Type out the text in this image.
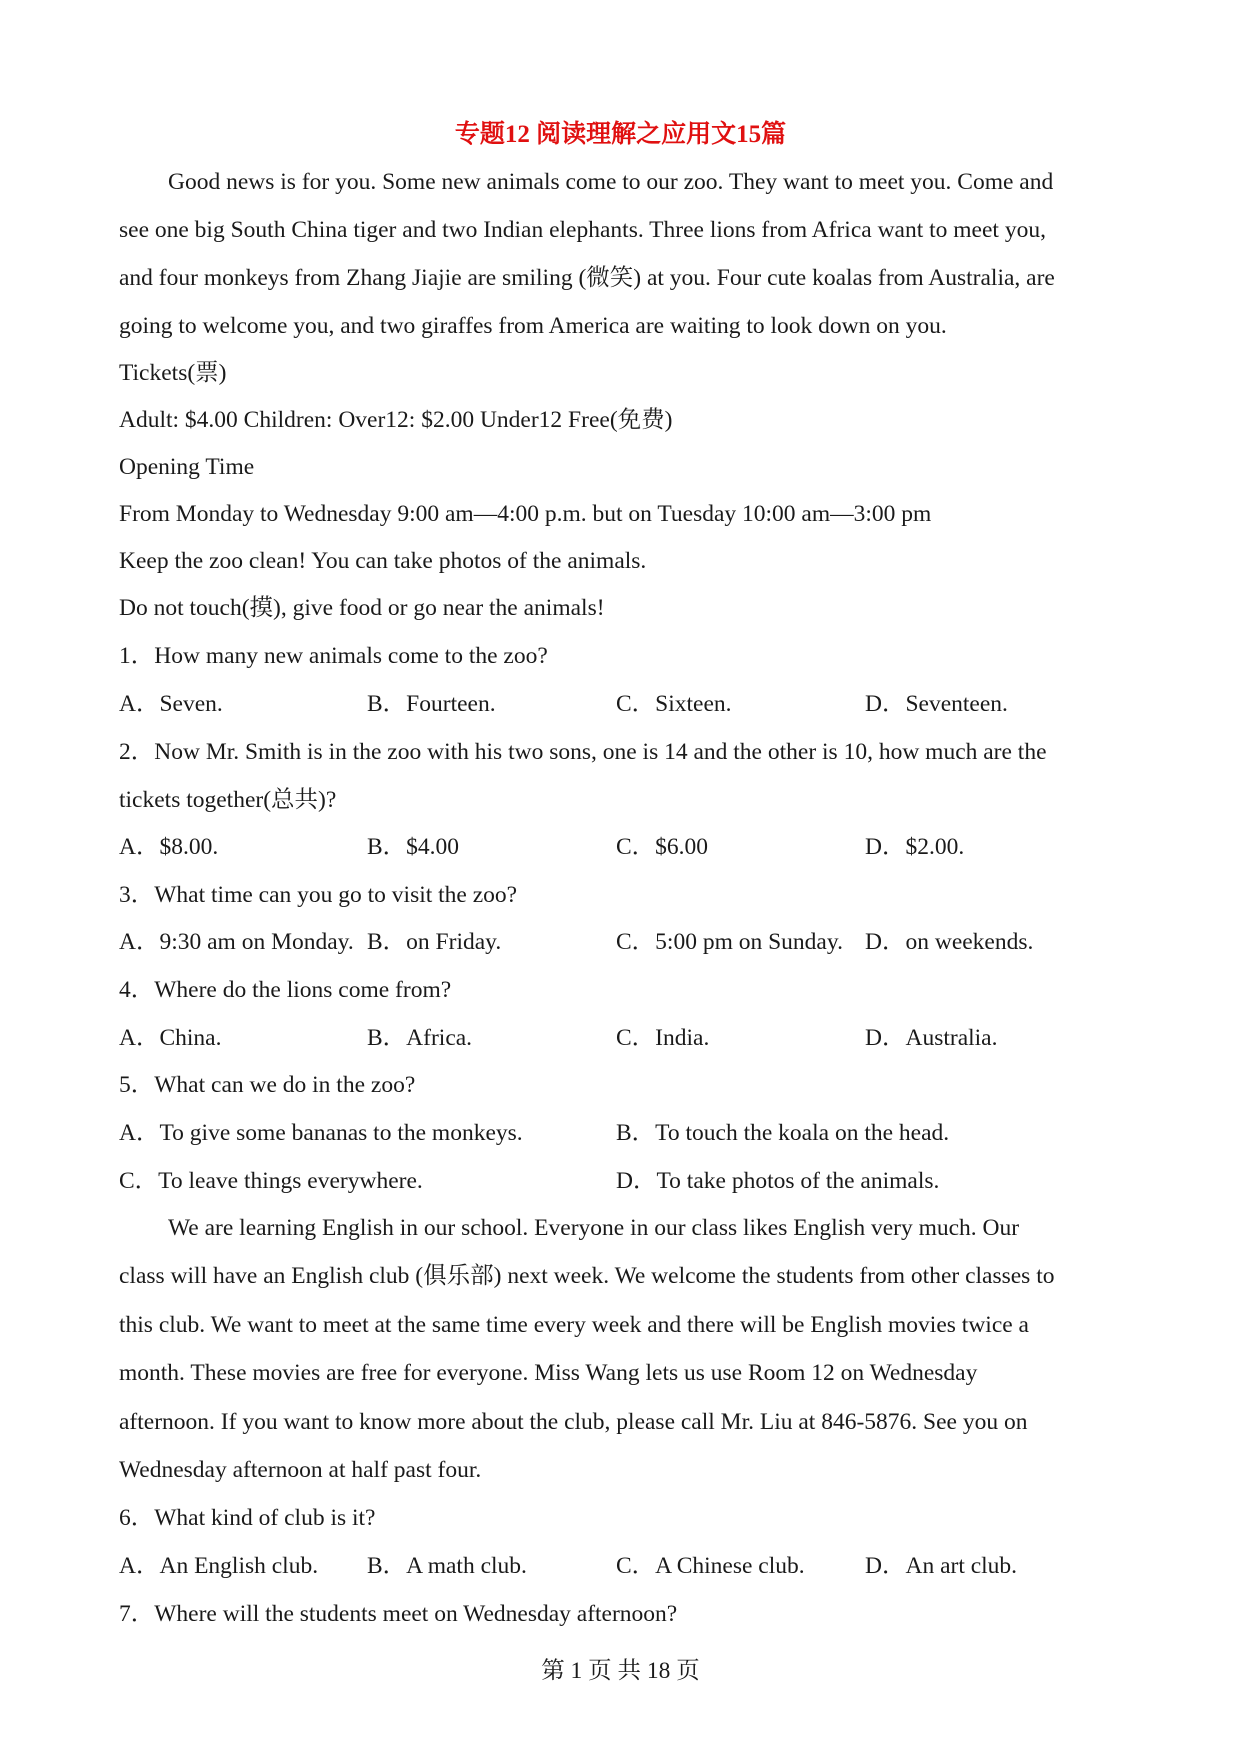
专题12 阅读理解之应用文15篇
Good news is for you. Some new animals come to our zoo. They want to meet you. Come and
see one big South China tiger and two Indian elephants. Three lions from Africa want to meet you,
and four monkeys from Zhang Jiajie are smiling (微笑) at you. Four cute koalas from Australia, are
going to welcome you, and two giraffes from America are waiting to look down on you.
Tickets(票)
Adult: $4.00 Children: Over12: $2.00 Under12 Free(免费)
Opening Time
From Monday to Wednesday 9:00 am—4:00 p.m. but on Tuesday 10:00 am—3:00 pm
Keep the zoo clean! You can take photos of the animals.
Do not touch(摸), give food or go near the animals!
1．How many new animals come to the zoo?
A．Seven.	B．Fourteen.	C．Sixteen.	D．Seventeen.
2．Now Mr. Smith is in the zoo with his two sons, one is 14 and the other is 10, how much are the
tickets together(总共)?
A．$8.00.	B．$4.00	C．$6.00	D．$2.00.
3．What time can you go to visit the zoo?
A．9:30 am on Monday. B．on Friday.	C．5:00 pm on Sunday. D．on weekends.
4．Where do the lions come from?
A．China.	B．Africa.	C．India.	D．Australia.
5．What can we do in the zoo?
A．To give some bananas to the monkeys.	B．To touch the koala on the head.
C．To leave things everywhere.	D．To take photos of the animals.
We are learning English in our school. Everyone in our class likes English very much. Our
class will have an English club (俱乐部) next week. We welcome the students from other classes to
this club. We want to meet at the same time every week and there will be English movies twice a
month. These movies are free for everyone. Miss Wang lets us use Room 12 on Wednesday
afternoon. If you want to know more about the club, please call Mr. Liu at 846-5876. See you on
Wednesday afternoon at half past four.
6．What kind of club is it?
A．An English club. B．A math club.	C．A Chinese club.	D．An art club.
7．Where will the students meet on Wednesday afternoon?
第 1 页 共 18 页
